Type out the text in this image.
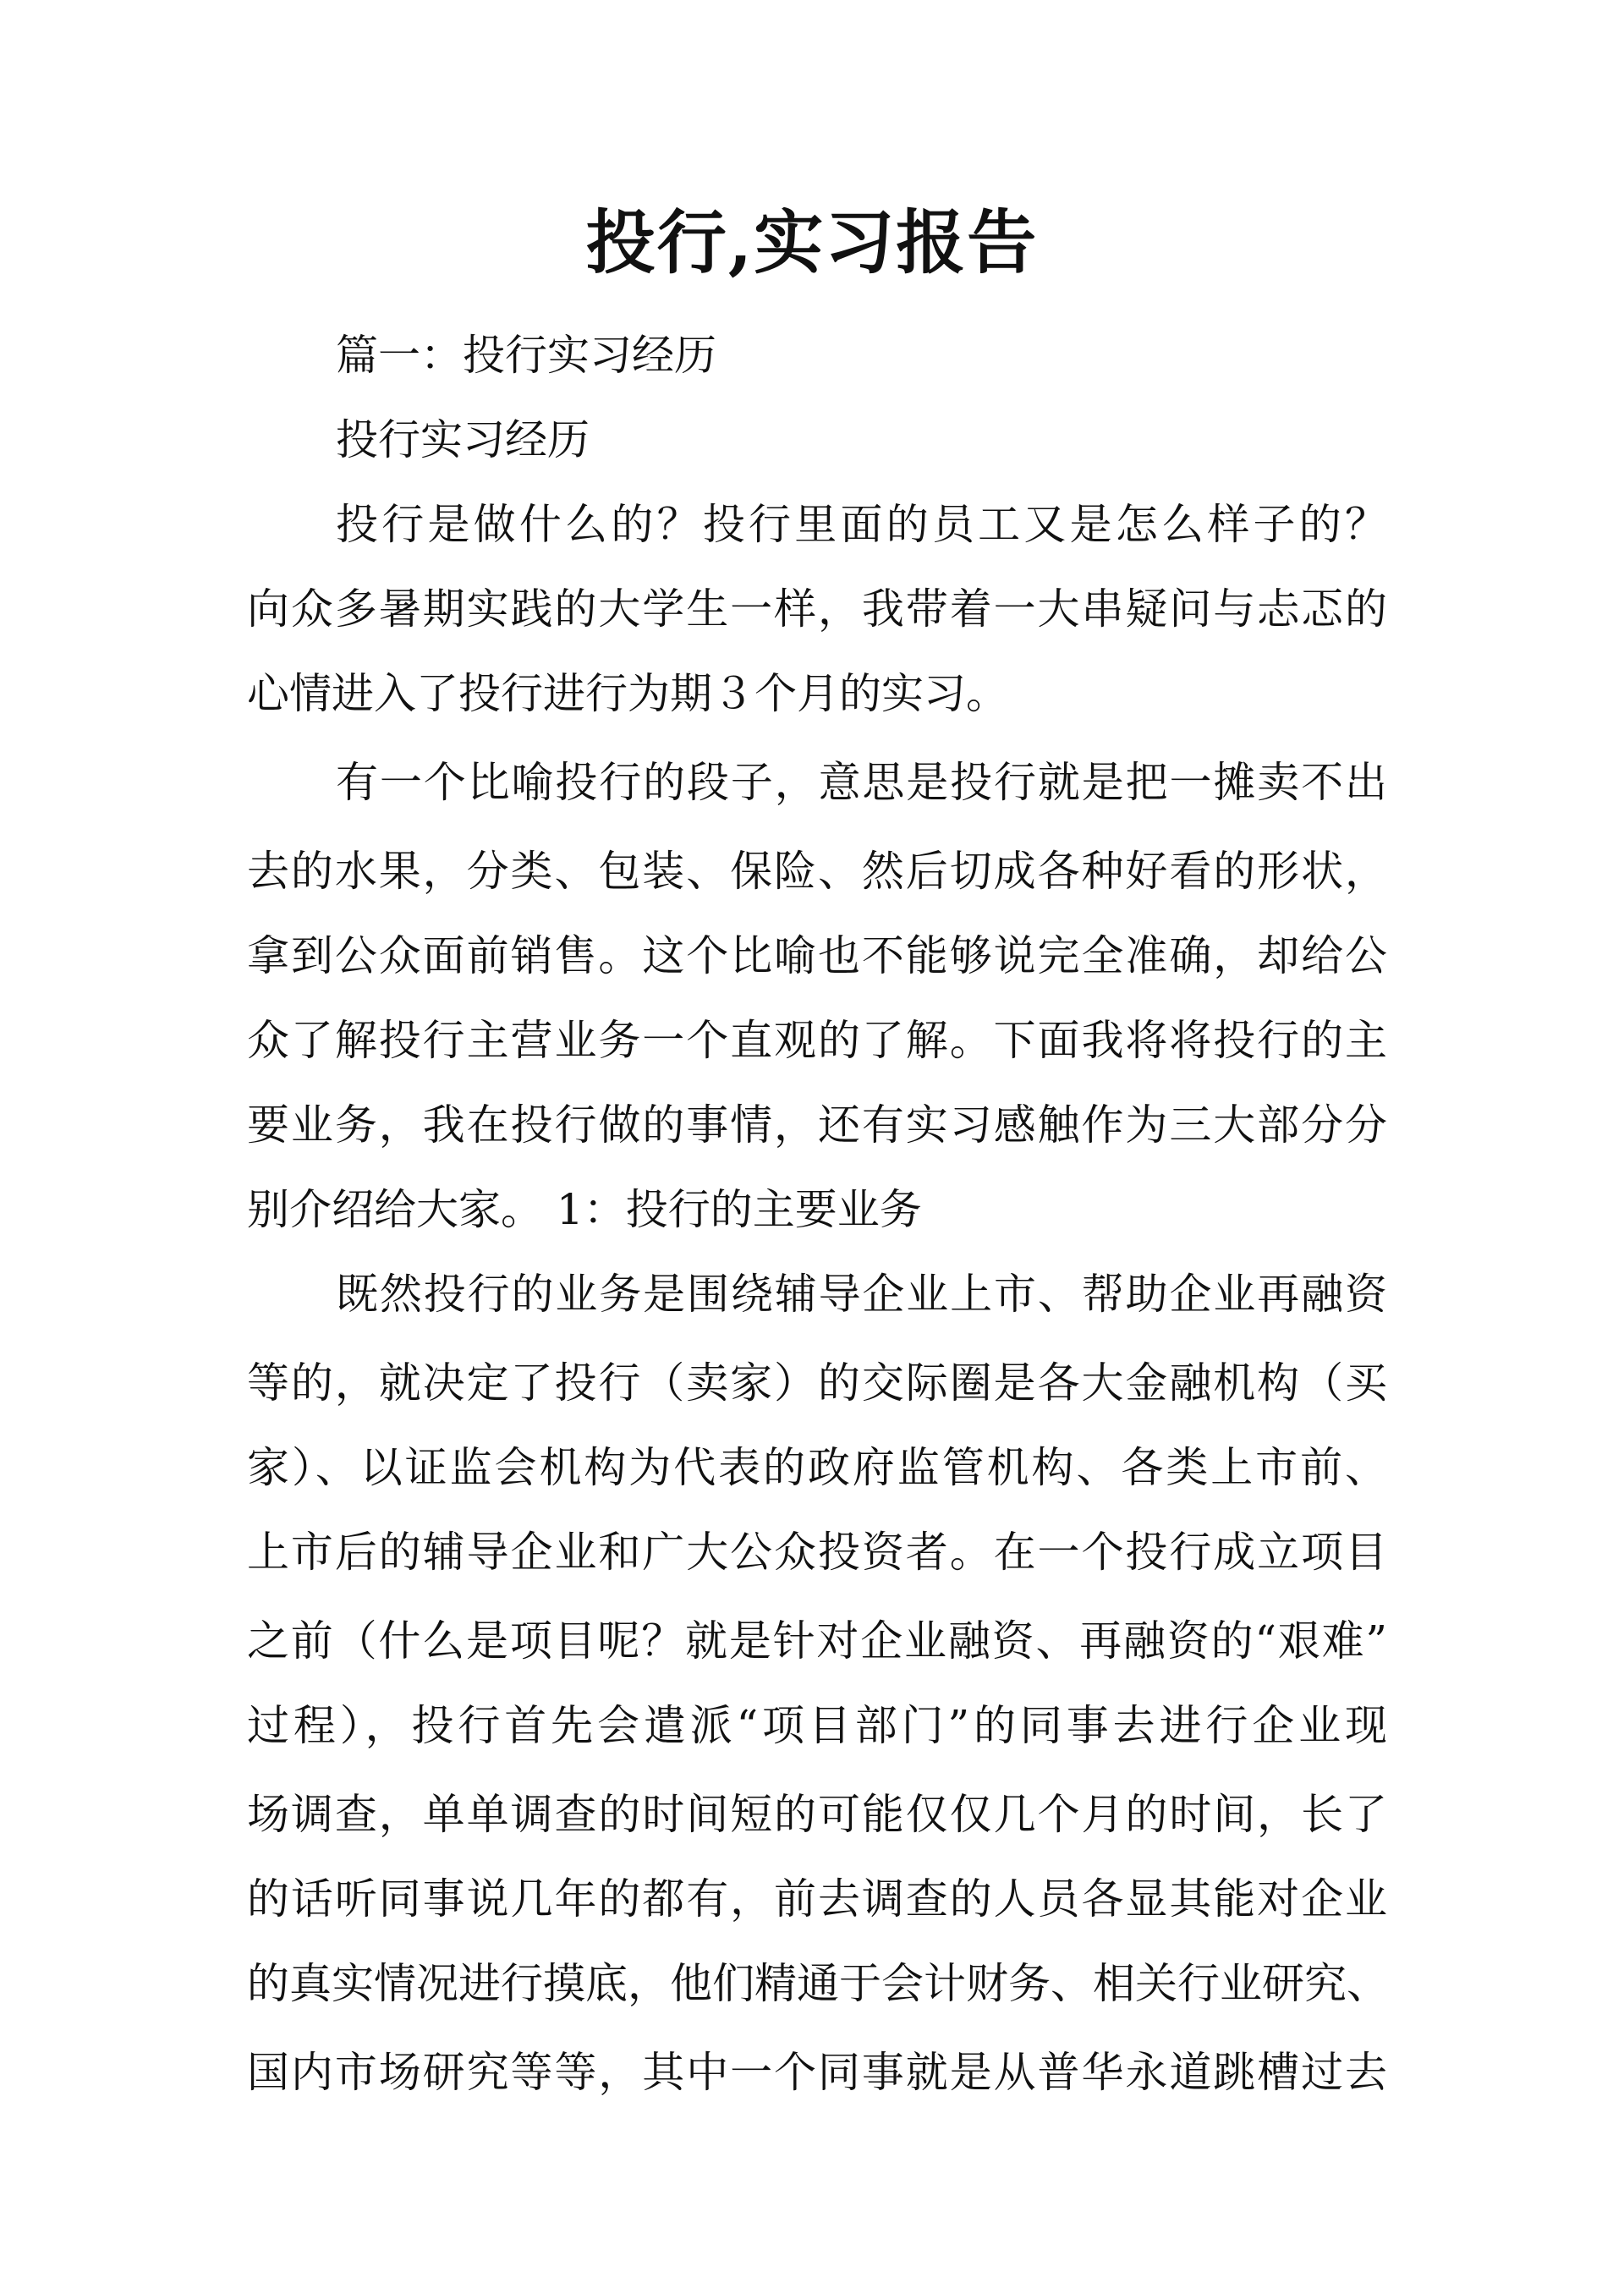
投行,实习报告

篇一：投行实习经历

投行实习经历

投行是做什么的？投行里面的员工又是怎么样子的？

向众多暑期实践的大学生一样，我带着一大串疑问与忐忑的

心情进入了投行进行为期３个月的实习。

有一个比喻投行的段子，意思是投行就是把一摊卖不出

去的水果，分类、包装、保险、然后切成各种好看的形状，

拿到公众面前销售。这个比喻也不能够说完全准确，却给公

众了解投行主营业务一个直观的了解。下面我将将投行的主

要业务，我在投行做的事情，还有实习感触作为三大部分分

别介绍给大家。 1：投行的主要业务

既然投行的业务是围绕辅导企业上市、帮助企业再融资

等的，就决定了投行（卖家）的交际圈是各大金融机构（买

家）、以证监会机构为代表的政府监管机构、各类上市前、

上市后的辅导企业和广大公众投资者。在一个投行成立项目

之前（什么是项目呢？就是针对企业融资、再融资的“艰难”

过程），投行首先会遣派“项目部门”的同事去进行企业现

场调查，单单调查的时间短的可能仅仅几个月的时间，长了

的话听同事说几年的都有，前去调查的人员各显其能对企业

的真实情况进行摸底，他们精通于会计财务、相关行业研究、

国内市场研究等等，其中一个同事就是从普华永道跳槽过去
